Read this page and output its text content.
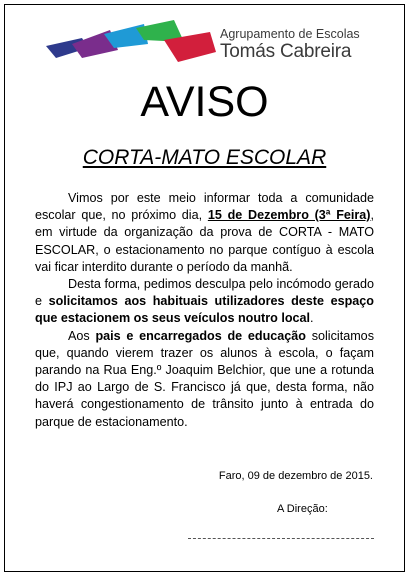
Agrupamento de Escolas
Tomás Cabreira
AVISO
CORTA-MATO ESCOLAR

Vimos por este meio informar toda a comunidade escolar que, no próximo dia, 15 de Dezembro (3ª Feira), em virtude da organização da prova de CORTA - MATO ESCOLAR, o estacionamento no parque contíguo à escola vai ficar interdito durante o período da manhã.

Desta forma, pedimos desculpa pelo incómodo gerado e solicitamos aos habituais utilizadores deste espaço que estacionem os seus veículos noutro local.

Aos pais e encarregados de educação solicitamos que, quando vierem trazer os alunos à escola, o façam parando na Rua Eng.º Joaquim Belchior, que une a rotunda do IPJ ao Largo de S. Francisco já que, desta forma, não haverá congestionamento de trânsito junto à entrada do parque de estacionamento.

Faro, 09 de dezembro de 2015.
A Direção:
